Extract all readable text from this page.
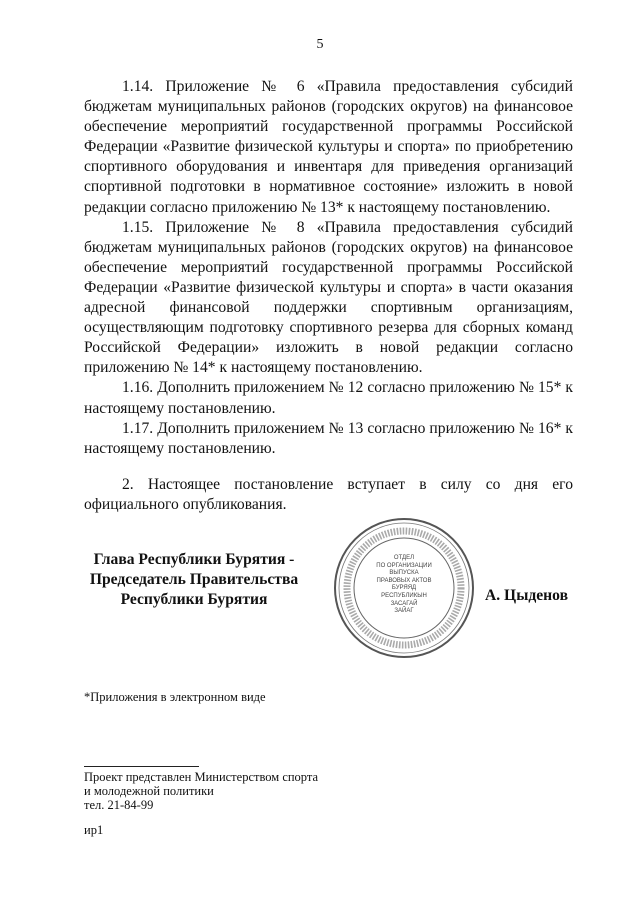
5

1.14. Приложение № 6 «Правила предоставления субсидий бюджетам муниципальных районов (городских округов) на финансовое обеспечение мероприятий государственной программы Российской Федерации «Развитие физической культуры и спорта» по приобретению спортивного оборудования и инвентаря для приведения организаций спортивной подготовки в нормативное состояние» изложить в новой редакции согласно приложению № 13* к настоящему постановлению.

1.15. Приложение № 8 «Правила предоставления субсидий бюджетам муниципальных районов (городских округов) на финансовое обеспечение мероприятий государственной программы Российской Федерации «Развитие физической культуры и спорта» в части оказания адресной финансовой поддержки спортивным организациям, осуществляющим подготовку спортивного резерва для сборных команд Российской Федерации» изложить в новой редакции согласно приложению № 14* к настоящему постановлению.

1.16. Дополнить приложением № 12 согласно приложению № 15* к настоящему постановлению.

1.17. Дополнить приложением № 13 согласно приложению № 16* к настоящему постановлению.

2. Настоящее постановление вступает в силу со дня его официального опубликования.

Глава Республики Бурятия -
Председатель Правительства
Республики Бурятия
ОТДЕЛ
ПО ОРГАНИЗАЦИИ
ВЫПУСКА
ПРАВОВЫХ АКТОВ
БУРЯЯД
РЕСПУБЛИКЫН
ЗАСАГАЙ
ЗАЙАГ
А. Цыденов
*Приложения в электронном виде
Проект представлен Министерством спорта
и молодежной политики
тел. 21-84-99
ир1
